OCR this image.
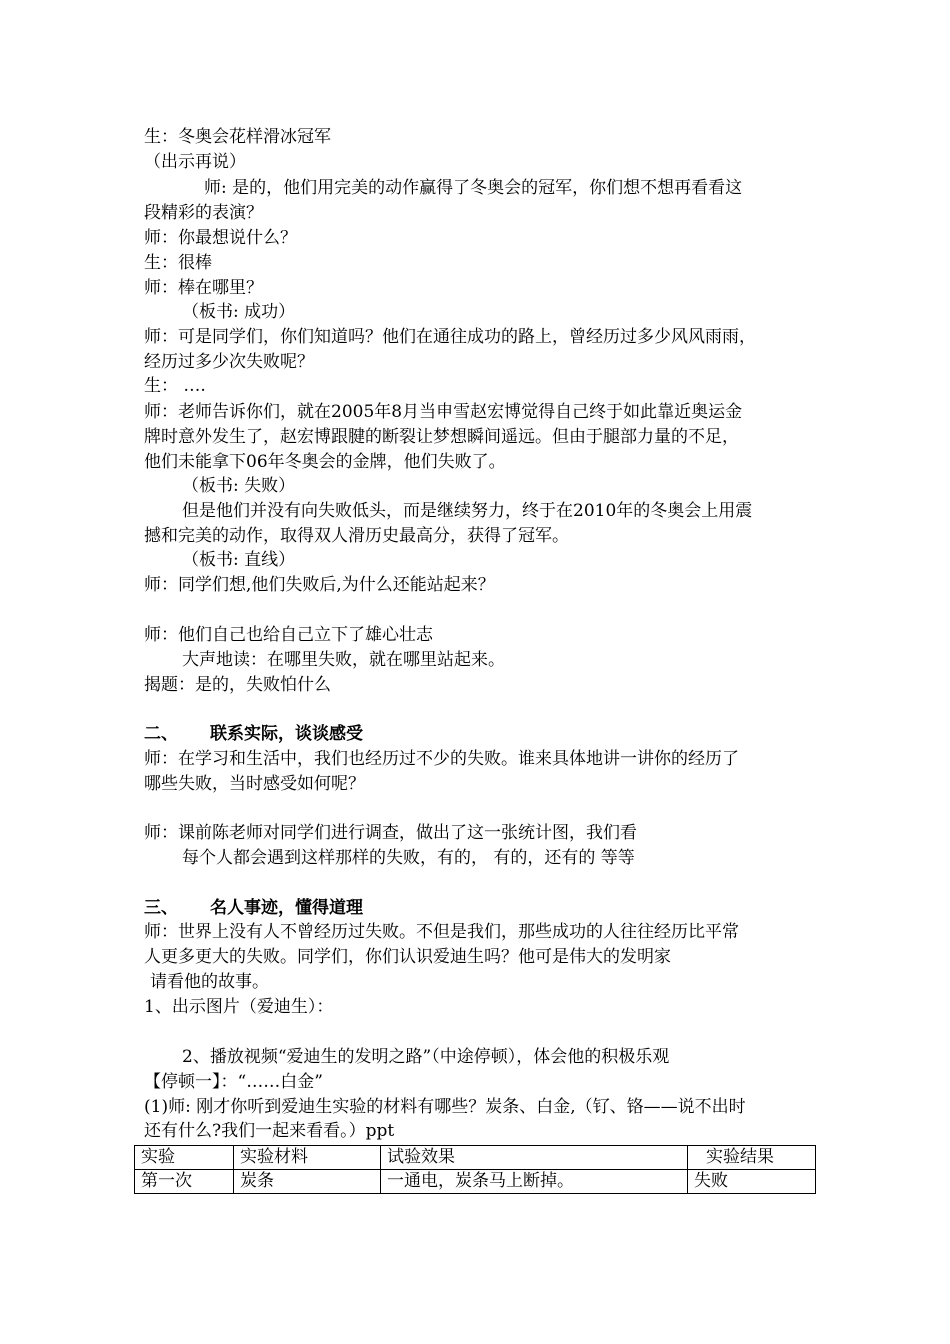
生：冬奥会花样滑冰冠军
（出示再说）
师: 是的，他们用完美的动作赢得了冬奥会的冠军，你们想不想再看看这
段精彩的表演？
师：你最想说什么？
生：很棒
师：棒在哪里？
（板书: 成功）
师：可是同学们，你们知道吗？他们在通往成功的路上，曾经历过多少风风雨雨，
经历过多少次失败呢？
生： ….
师：老师告诉你们，就在2005年8月当申雪赵宏博觉得自己终于如此靠近奥运金
牌时意外发生了，赵宏博跟腱的断裂让梦想瞬间遥远。但由于腿部力量的不足，
他们未能拿下06年冬奥会的金牌，他们失败了。
（板书: 失败）
但是他们并没有向失败低头，而是继续努力，终于在2010年的冬奥会上用震
撼和完美的动作，取得双人滑历史最高分，获得了冠军。
（板书: 直线）
师：同学们想,他们失败后,为什么还能站起来？
师：他们自己也给自己立下了雄心壮志
大声地读：在哪里失败，就在哪里站起来。
揭题：是的，失败怕什么
二、 联系实际，谈谈感受
师：在学习和生活中，我们也经历过不少的失败。谁来具体地讲一讲你的经历了
哪些失败，当时感受如何呢？
师：课前陈老师对同学们进行调查，做出了这一张统计图，我们看
每个人都会遇到这样那样的失败，有的， 有的，还有的 等等
三、 名人事迹，懂得道理
师：世界上没有人不曾经历过失败。不但是我们，那些成功的人往往经历比平常
人更多更大的失败。同学们，你们认识爱迪生吗？他可是伟大的发明家
请看他的故事。
1、出示图片（爱迪生）：
2、播放视频“爱迪生的发明之路”（中途停顿），体会他的积极乐观
【停顿一】：“……白金”
(1)师: 刚才你听到爱迪生实验的材料有哪些？炭条、白金,（钌、铬——说不出时
还有什么?我们一起来看看。）ppt
实验	实验材料	试验效果	实验结果
第一次	炭条	一通电，炭条马上断掉。	失败
